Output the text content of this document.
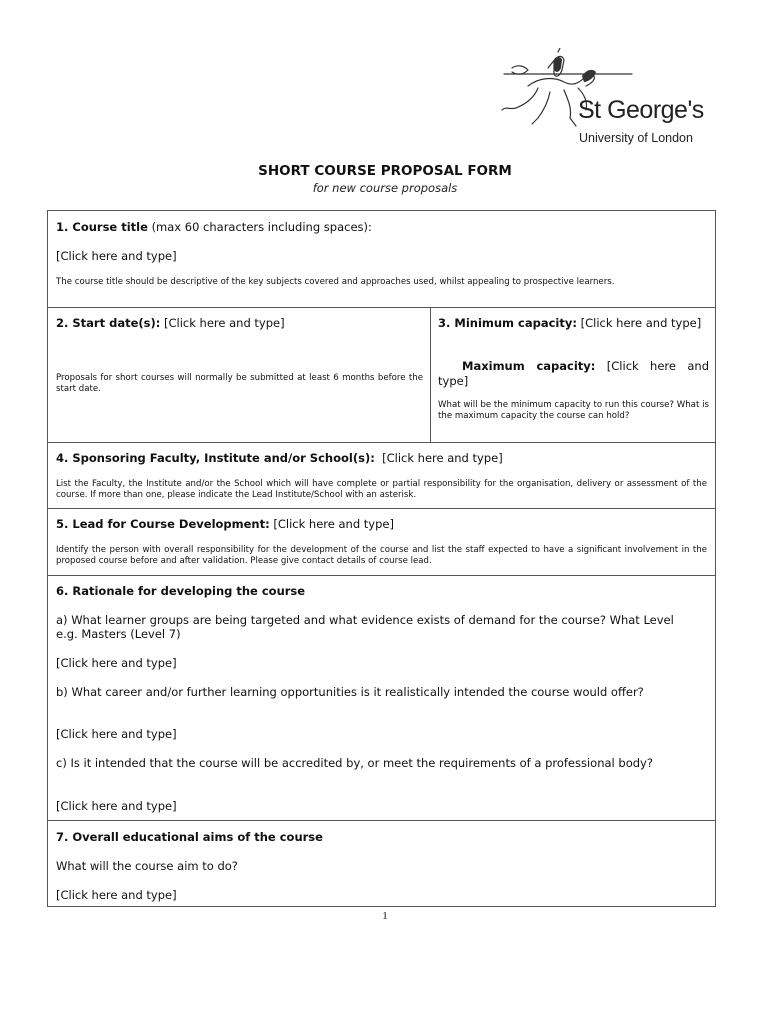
St George's
University of London
SHORT COURSE PROPOSAL FORM
for new course proposals
1. Course title (max 60 characters including spaces):
[Click here and type]
The course title should be descriptive of the key subjects covered and approaches used, whilst appealing to prospective learners.
2. Start date(s): [Click here and type]
Proposals for short courses will normally be submitted at least 6 months before the start date.
3. Minimum capacity: [Click here and type]
Maximum capacity: [Click here and type]
What will be the minimum capacity to run this course? What is the maximum capacity the course can hold?
4. Sponsoring Faculty, Institute and/or School(s): [Click here and type]
List the Faculty, the Institute and/or the School which will have complete or partial responsibility for the organisation, delivery or assessment of the course. If more than one, please indicate the Lead Institute/School with an asterisk.
5. Lead for Course Development: [Click here and type]
Identify the person with overall responsibility for the development of the course and list the staff expected to have a significant involvement in the proposed course before and after validation. Please give contact details of course lead.
6. Rationale for developing the course
a) What learner groups are being targeted and what evidence exists of demand for the course? What Level e.g. Masters (Level 7)
[Click here and type]
b) What career and/or further learning opportunities is it realistically intended the course would offer?
[Click here and type]
c) Is it intended that the course will be accredited by, or meet the requirements of a professional body?
[Click here and type]
7. Overall educational aims of the course
What will the course aim to do?
[Click here and type]
1
